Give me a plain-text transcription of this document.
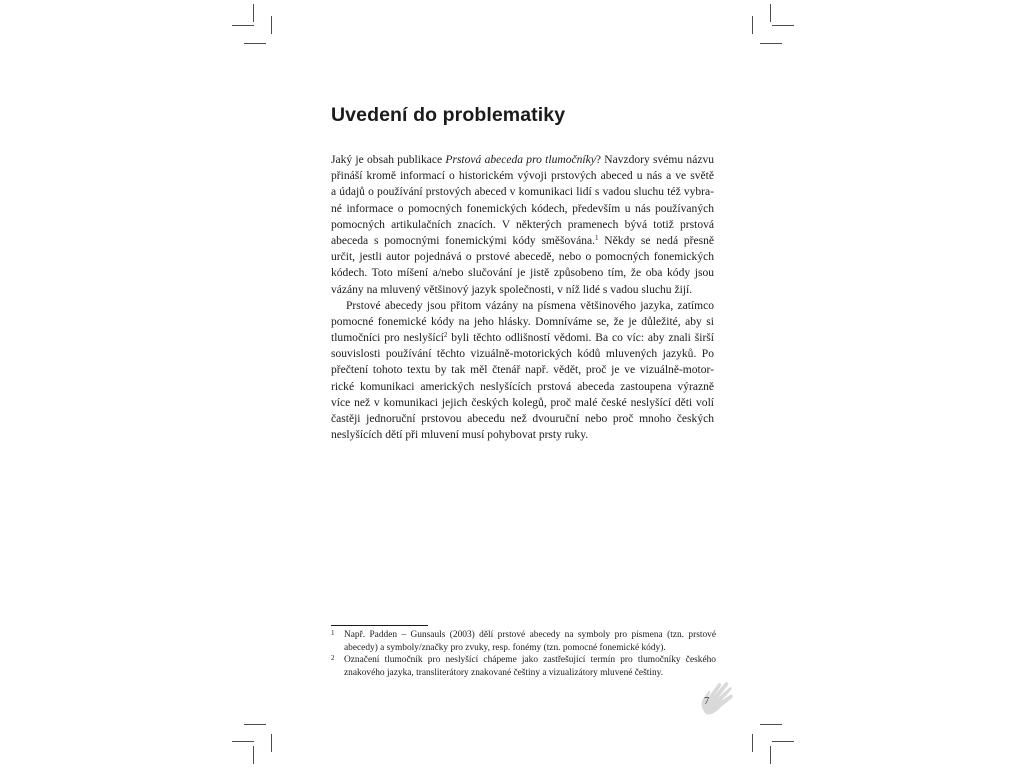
Uvedení do problematiky
Jaký je obsah publikace Prstová abeceda pro tlumočníky? Navzdory svému názvu
přináší kromě informací o historickém vývoji prstových abeced u nás a ve světě
a údajů o používání prstových abeced v komunikaci lidí s vadou sluchu též vybra-
né informace o pomocných fonemických kódech, především u nás používaných
pomocných artikulačních znacích. V některých pramenech bývá totiž prstová
abeceda s pomocnými fonemickými kódy směšována.$^1$ Někdy se nedá přesně
určit, jestli autor pojednává o prstové abecedě, nebo o pomocných fonemických
kódech. Toto míšení a/nebo slučování je jistě způsobeno tím, že oba kódy jsou
vázány na mluvený většinový jazyk společnosti, v níž lidé s vadou sluchu žijí.
Prstové abecedy jsou přitom vázány na písmena většinového jazyka, zatímco
pomocné fonemické kódy na jeho hlásky. Domníváme se, že je důležité, aby si
tlumočníci pro neslyšící$^2$ byli těchto odlišností vědomi. Ba co víc: aby znali širší
souvislosti používání těchto vizuálně-motorických kódů mluvených jazyků. Po
přečtení tohoto textu by tak měl čtenář např. vědět, proč je ve vizuálně-motor-
rické komunikaci amerických neslyšících prstová abeceda zastoupena výrazně
více než v komunikaci jejich českých kolegů, proč malé české neslyšící děti volí
častěji jednoruční prstovou abecedu než dvouruční nebo proč mnoho českých
neslyšících dětí při mluvení musí pohybovat prsty ruky.
1 Např. Padden – Gunsauls (2003) dělí prstové abecedy na symboly pro písmena (tzn. prstové
abecedy) a symboly/značky pro zvuky, resp. fonémy (tzn. pomocné fonemické kódy).
2 Označení tlumočník pro neslyšící chápeme jako zastřešující termín pro tlumočníky českého
znakového jazyka, transliterátory znakované češtiny a vizualizátory mluvené češtiny.
7
